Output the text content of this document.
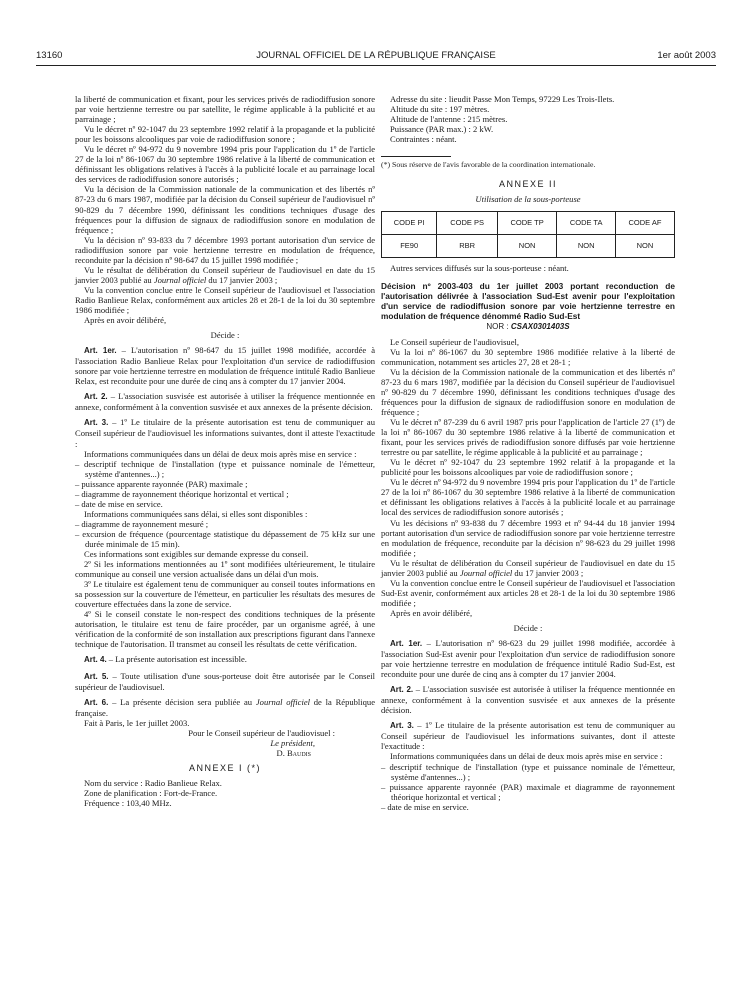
13160	JOURNAL OFFICIEL DE LA RÉPUBLIQUE FRANÇAISE	1er août 2003

la liberté de communication et fixant, pour les services privés de radiodiffusion sonore par voie hertzienne terrestre ou par satellite, le régime applicable à la publicité et au parrainage ;

Vu le décret nº 92-1047 du 23 septembre 1992 relatif à la propagande et la publicité pour les boissons alcooliques par voie de radiodiffusion sonore ;

Vu le décret nº 94-972 du 9 novembre 1994 pris pour l'application du 1º de l'article 27 de la loi nº 86-1067 du 30 septembre 1986 relative à la liberté de communication et définissant les obligations relatives à l'accès à la publicité locale et au parrainage local des services de radiodiffusion sonore autorisés ;

Vu la décision de la Commission nationale de la communication et des libertés nº 87-23 du 6 mars 1987, modifiée par la décision du Conseil supérieur de l'audiovisuel nº 90-829 du 7 décembre 1990, définissant les conditions techniques d'usage des fréquences pour la diffusion de signaux de radiodiffusion sonore en modulation de fréquence ;

Vu la décision nº 93-833 du 7 décembre 1993 portant autorisation d'un service de radiodiffusion sonore par voie hertzienne terrestre en modulation de fréquence, reconduite par la décision nº 98-647 du 15 juillet 1998 modifiée ;

Vu le résultat de délibération du Conseil supérieur de l'audiovisuel en date du 15 janvier 2003 publié au Journal officiel du 17 janvier 2003 ;

Vu la convention conclue entre le Conseil supérieur de l'audiovisuel et l'association Radio Banlieue Relax, conformément aux articles 28 et 28-1 de la loi du 30 septembre 1986 modifiée ;

Après en avoir délibéré,

Décide :

Art. 1er. – L'autorisation nº 98-647 du 15 juillet 1998 modifiée, accordée à l'association Radio Banlieue Relax pour l'exploitation d'un service de radiodiffusion sonore par voie hertzienne terrestre en modulation de fréquence intitulé Radio Banlieue Relax, est reconduite pour une durée de cinq ans à compter du 17 janvier 2004.

Art. 2. – L'association susvisée est autorisée à utiliser la fréquence mentionnée en annexe, conformément à la convention susvisée et aux annexes de la présente décision.

Art. 3. – 1º Le titulaire de la présente autorisation est tenu de communiquer au Conseil supérieur de l'audiovisuel les informations suivantes, dont il atteste l'exactitude :

Informations communiquées dans un délai de deux mois après mise en service :

– descriptif technique de l'installation (type et puissance nominale de l'émetteur, système d'antennes...) ;

– puissance apparente rayonnée (PAR) maximale ;

– diagramme de rayonnement théorique horizontal et vertical ;

– date de mise en service.

Informations communiquées sans délai, si elles sont disponibles :

– diagramme de rayonnement mesuré ;

– excursion de fréquence (pourcentage statistique du dépassement de 75 kHz sur une durée minimale de 15 min).

Ces informations sont exigibles sur demande expresse du conseil.

2º Si les informations mentionnées au 1º sont modifiées ultérieurement, le titulaire communique au conseil une version actualisée dans un délai d'un mois.

3º Le titulaire est également tenu de communiquer au conseil toutes informations en sa possession sur la couverture de l'émetteur, en particulier les résultats des mesures de couverture effectuées dans la zone de service.

4º Si le conseil constate le non-respect des conditions techniques de la présente autorisation, le titulaire est tenu de faire procéder, par un organisme agréé, à une vérification de la conformité de son installation aux prescriptions figurant dans l'annexe technique de l'autorisation. Il transmet au conseil les résultats de cette vérification.

Art. 4. – La présente autorisation est incessible.

Art. 5. – Toute utilisation d'une sous-porteuse doit être autorisée par le Conseil supérieur de l'audiovisuel.

Art. 6. – La présente décision sera publiée au Journal officiel de la République française.

Fait à Paris, le 1er juillet 2003.

Pour le Conseil supérieur de l'audiovisuel :

Le président,

D. Baudis

ANNEXE I (*)

Nom du service : Radio Banlieue Relax.

Zone de planification : Fort-de-France.

Fréquence : 103,40 MHz.

Adresse du site : lieudit Passe Mon Temps, 97229 Les Trois-Ilets.

Altitude du site : 197 mètres.

Altitude de l'antenne : 215 mètres.

Puissance (PAR max.) : 2 kW.

Contraintes : néant.

(*) Sous réserve de l'avis favorable de la coordination internationale.

ANNEXE II

Utilisation de la sous-porteuse

CODE PI	CODE PS	CODE TP	CODE TA	CODE AF
FE90	RBR	NON	NON	NON

Autres services diffusés sur la sous-porteuse : néant.

Décision nº 2003-403 du 1er juillet 2003 portant reconduction de l'autorisation délivrée à l'association Sud-Est avenir pour l'exploitation d'un service de radiodiffusion sonore par voie hertzienne terrestre en modulation de fréquence dénommé Radio Sud-Est

NOR : CSAX0301403S

Le Conseil supérieur de l'audiovisuel,

Vu la loi nº 86-1067 du 30 septembre 1986 modifiée relative à la liberté de communication, notamment ses articles 27, 28 et 28-1 ;

Vu la décision de la Commission nationale de la communication et des libertés nº 87-23 du 6 mars 1987, modifiée par la décision du Conseil supérieur de l'audiovisuel nº 90-829 du 7 décembre 1990, définissant les conditions techniques d'usage des fréquences pour la diffusion de signaux de radiodiffusion sonore en modulation de fréquence ;

Vu le décret nº 87-239 du 6 avril 1987 pris pour l'application de l'article 27 (1º) de la loi nº 86-1067 du 30 septembre 1986 relative à la liberté de communication et fixant, pour les services privés de radiodiffusion sonore diffusés par voie hertzienne terrestre ou par satellite, le régime applicable à la publicité et au parrainage ;

Vu le décret nº 92-1047 du 23 septembre 1992 relatif à la propagande et la publicité pour les boissons alcooliques par voie de radiodiffusion sonore ;

Vu le décret nº 94-972 du 9 novembre 1994 pris pour l'application du 1º de l'article 27 de la loi nº 86-1067 du 30 septembre 1986 relative à la liberté de communication et définissant les obligations relatives à l'accès à la publicité locale et au parrainage local des services de radiodiffusion sonore autorisés ;

Vu les décisions nº 93-838 du 7 décembre 1993 et nº 94-44 du 18 janvier 1994 portant autorisation d'un service de radiodiffusion sonore par voie hertzienne terrestre en modulation de fréquence, reconduite par la décision nº 98-623 du 29 juillet 1998 modifiée ;

Vu le résultat de délibération du Conseil supérieur de l'audiovisuel en date du 15 janvier 2003 publié au Journal officiel du 17 janvier 2003 ;

Vu la convention conclue entre le Conseil supérieur de l'audiovisuel et l'association Sud-Est avenir, conformément aux articles 28 et 28-1 de la loi du 30 septembre 1986 modifiée ;

Après en avoir délibéré,

Décide :

Art. 1er. – L'autorisation nº 98-623 du 29 juillet 1998 modifiée, accordée à l'association Sud-Est avenir pour l'exploitation d'un service de radiodiffusion sonore par voie hertzienne terrestre en modulation de fréquence intitulé Radio Sud-Est, est reconduite pour une durée de cinq ans à compter du 17 janvier 2004.

Art. 2. – L'association susvisée est autorisée à utiliser la fréquence mentionnée en annexe, conformément à la convention susvisée et aux annexes de la présente décision.

Art. 3. – 1º Le titulaire de la présente autorisation est tenu de communiquer au Conseil supérieur de l'audiovisuel les informations suivantes, dont il atteste l'exactitude :

Informations communiquées dans un délai de deux mois après mise en service :

– descriptif technique de l'installation (type et puissance nominale de l'émetteur, système d'antennes...) ;

– puissance apparente rayonnée (PAR) maximale et diagramme de rayonnement théorique horizontal et vertical ;

– date de mise en service.
